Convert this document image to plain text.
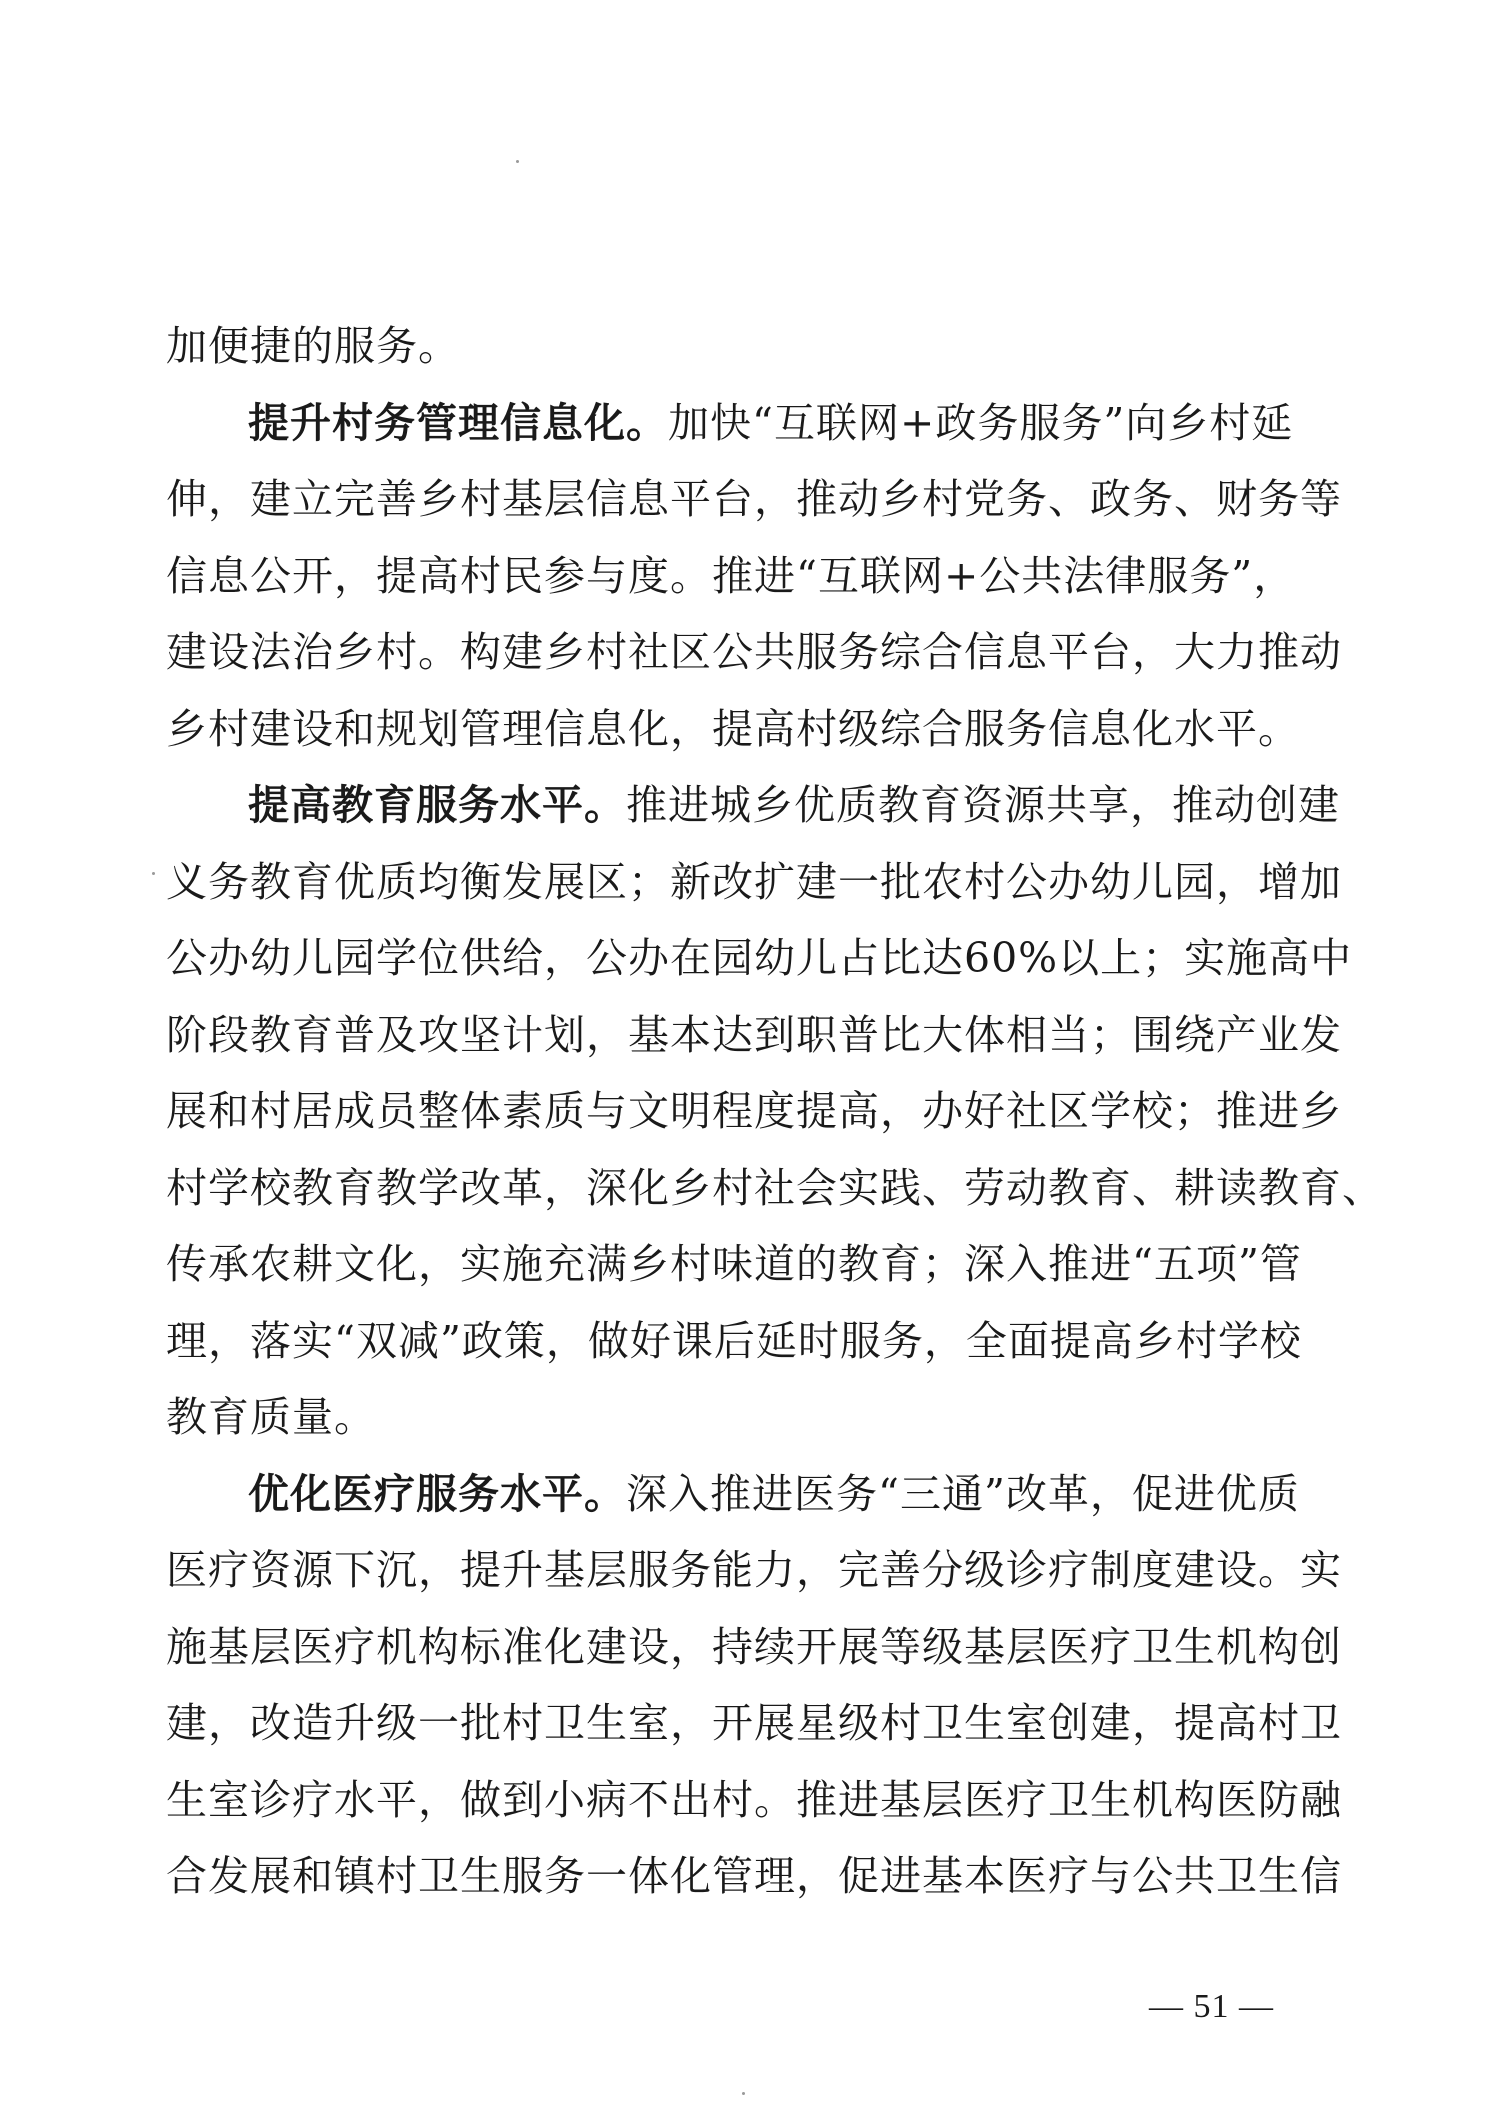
加便捷的服务。
提升村务管理信息化。加快“互联网+政务服务”向乡村延
伸，建立完善乡村基层信息平台，推动乡村党务、政务、财务等
信息公开，提高村民参与度。推进“互联网+公共法律服务”，
建设法治乡村。构建乡村社区公共服务综合信息平台，大力推动
乡村建设和规划管理信息化，提高村级综合服务信息化水平。
提高教育服务水平。推进城乡优质教育资源共享，推动创建
义务教育优质均衡发展区；新改扩建一批农村公办幼儿园，增加
公办幼儿园学位供给，公办在园幼儿占比达60%以上；实施高中
阶段教育普及攻坚计划，基本达到职普比大体相当；围绕产业发
展和村居成员整体素质与文明程度提高，办好社区学校；推进乡
村学校教育教学改革，深化乡村社会实践、劳动教育、耕读教育、
传承农耕文化，实施充满乡村味道的教育；深入推进“五项”管
理，落实“双减”政策，做好课后延时服务，全面提高乡村学校
教育质量。
优化医疗服务水平。深入推进医务“三通”改革，促进优质
医疗资源下沉，提升基层服务能力，完善分级诊疗制度建设。实
施基层医疗机构标准化建设，持续开展等级基层医疗卫生机构创
建，改造升级一批村卫生室，开展星级村卫生室创建，提高村卫
生室诊疗水平，做到小病不出村。推进基层医疗卫生机构医防融
合发展和镇村卫生服务一体化管理，促进基本医疗与公共卫生信
— 51 —
